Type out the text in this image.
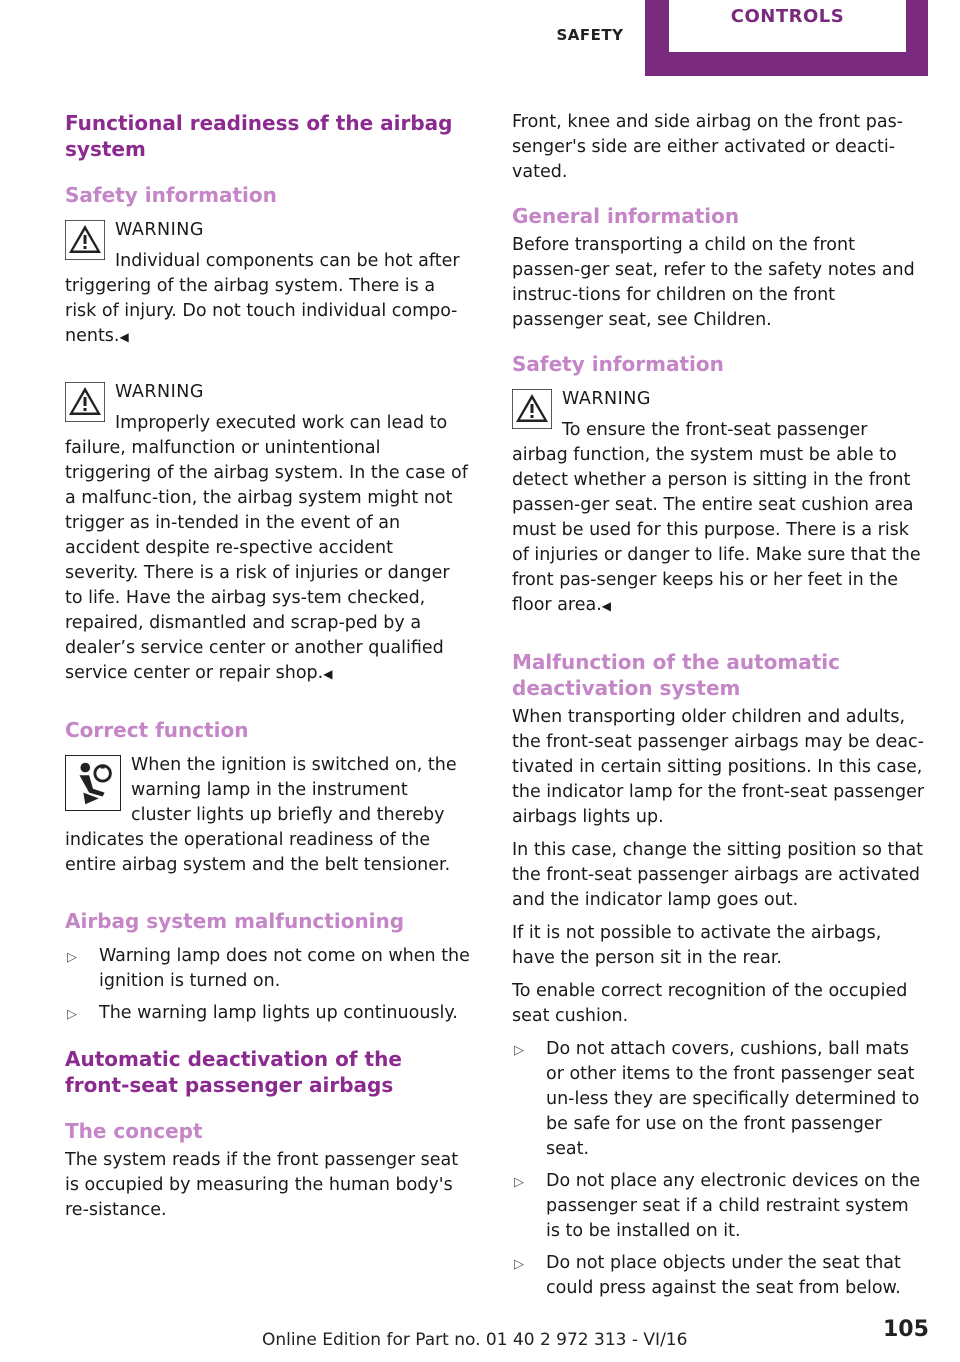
SAFETY
CONTROLS
Functional readiness of the airbag system
Safety information
WARNING
Individual components can be hot after triggering of the airbag system. There is a risk of injury. Do not touch individual compo‐nents.◀
WARNING
Improperly executed work can lead to failure, malfunction or unintentional triggering of the airbag system. In the case of a malfunc‐tion, the airbag system might not trigger as in‐tended in the event of an accident despite re‐spective accident severity. There is a risk of injuries or danger to life. Have the airbag sys‐tem checked, repaired, dismantled and scrap‐ped by a dealer’s service center or another qualified service center or repair shop.◀
Correct function

When the ignition is switched on, the warning lamp in the instrument cluster lights up briefly and thereby indicates the operational readiness of the entire airbag system and the belt tensioner.

Airbag system malfunctioning
▷ Warning lamp does not come on when the ignition is turned on.
▷ The warning lamp lights up continuously.
Automatic deactivation of the front-seat passenger airbags
The concept

The system reads if the front passenger seat is occupied by measuring the human body's re‐sistance.

Front, knee and side airbag on the front pas‐senger's side are either activated or deacti‐vated.

General information

Before transporting a child on the front passen‐ger seat, refer to the safety notes and instruc‐tions for children on the front passenger seat, see Children.

Safety information
WARNING
To ensure the front-seat passenger airbag function, the system must be able to detect whether a person is sitting in the front passen‐ger seat. The entire seat cushion area must be used for this purpose. There is a risk of injuries or danger to life. Make sure that the front pas‐senger keeps his or her feet in the floor area.◀
Malfunction of the automatic deactivation system

When transporting older children and adults, the front-seat passenger airbags may be deac‐tivated in certain sitting positions. In this case, the indicator lamp for the front-seat passenger airbags lights up.

In this case, change the sitting position so that the front-seat passenger airbags are activated and the indicator lamp goes out.

If it is not possible to activate the airbags, have the person sit in the rear.

To enable correct recognition of the occupied seat cushion.

▷ Do not attach covers, cushions, ball mats or other items to the front passenger seat un‐less they are specifically determined to be safe for use on the front passenger seat.
▷ Do not place any electronic devices on the passenger seat if a child restraint system is to be installed on it.
▷ Do not place objects under the seat that could press against the seat from below.
Online Edition for Part no. 01 40 2 972 313 - VI/16	105
